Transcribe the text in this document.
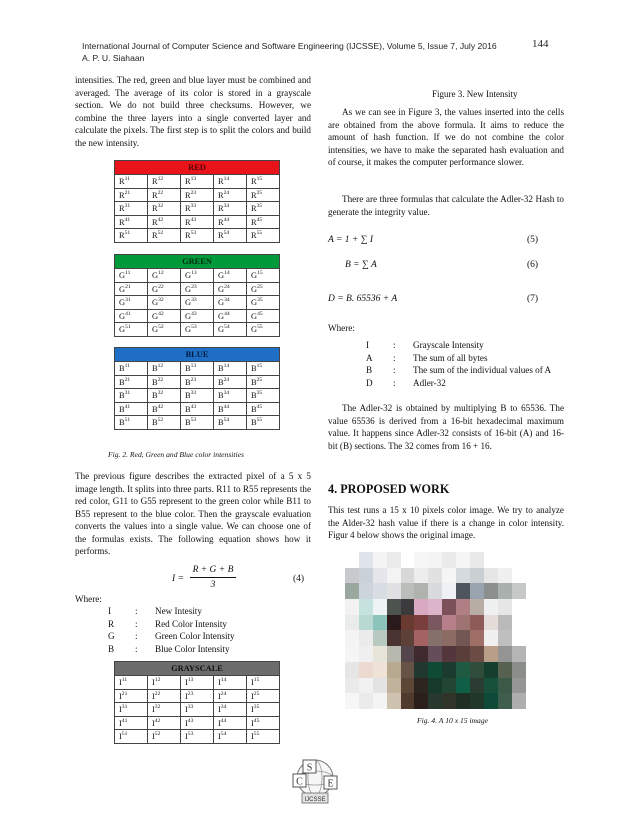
International Journal of Computer Science and Software Engineering (IJCSSE), Volume 5, Issue 7, July 2016
A. P. U. Siahaan
144

intensities. The red, green and blue layer must be combined and averaged. The average of its color is stored in a grayscale section. We do not build three checksums. However, we combine the three layers into a single converted layer and calculate the pixels. The first step is to split the colors and build the new intensity.

RED				
$R^{11}$	$R^{12}$	$R^{13}$	$R^{14}$	$R^{15}$
$R^{21}$	$R^{22}$	$R^{23}$	$R^{24}$	$R^{25}$
$R^{31}$	$R^{32}$	$R^{33}$	$R^{34}$	$R^{35}$
$R^{41}$	$R^{42}$	$R^{43}$	$R^{44}$	$R^{45}$
$R^{51}$	$R^{52}$	$R^{53}$	$R^{54}$	$R^{55}$
GREEN				
$G^{11}$	$G^{12}$	$G^{13}$	$G^{14}$	$G^{15}$
$G^{21}$	$G^{22}$	$G^{23}$	$G^{24}$	$G^{25}$
$G^{31}$	$G^{32}$	$G^{33}$	$G^{34}$	$G^{35}$
$G^{41}$	$G^{42}$	$G^{43}$	$G^{44}$	$G^{45}$
$G^{51}$	$G^{52}$	$G^{53}$	$G^{54}$	$G^{55}$
BLUE				
$B^{11}$	$B^{12}$	$B^{13}$	$B^{14}$	$B^{15}$
$B^{21}$	$B^{22}$	$B^{23}$	$B^{24}$	$B^{25}$
$B^{31}$	$B^{32}$	$B^{33}$	$B^{34}$	$B^{35}$
$B^{41}$	$B^{42}$	$B^{43}$	$B^{44}$	$B^{45}$
$B^{51}$	$B^{52}$	$B^{53}$	$B^{54}$	$B^{55}$
Fig. 2. Red, Green and Blue color intensities

The previous figure describes the extracted pixel of a 5 x 5 image length. It splits into three parts. R11 to R55 represents the red color, G11 to G55 represent to the green color while B11 to B55 represent to the blue color. Then the grayscale evaluation converts the values into a single value. We can choose one of the formulas exists. The following equation shows how it performs.

I =
R + G + B
3
(4)
Where:
I	:	New Intesity
R	:	Red Color Intensity
G	:	Green Color Intensity
B	:	Blue Color Intensity
GRAYSCALE				
$I^{11}$	$I^{12}$	$I^{13}$	$I^{14}$	$I^{15}$
$I^{21}$	$I^{22}$	$I^{23}$	$I^{24}$	$I^{25}$
$I^{31}$	$I^{32}$	$I^{33}$	$I^{34}$	$I^{35}$
$I^{41}$	$I^{42}$	$I^{43}$	$I^{44}$	$I^{45}$
$I^{51}$	$I^{52}$	$I^{53}$	$I^{54}$	$I^{55}$
Figure 3. New Intensity

As we can see in Figure 3, the values inserted into the cells are obtained from the above formula. It aims to reduce the amount of hash function. If we do not combine the color intensities, we have to make the separated hash evaluation and of course, it makes the computer performance slower.

There are three formulas that calculate the Adler-32 Hash to generate the integrity value.

A = 1 + ∑ I	(5)
B = ∑ A	(6)
D = B. 65536 + A	(7)
Where:
I	:	Grayscale Intensity
A	:	The sum of all bytes
B	:	The sum of the individual values of A
D	:	Adler-32

The Adler-32 is obtained by multiplying B to 65536. The value 65536 is derived from a 16-bit hexadecimal maximum value. It happens since Adler-32 consists of 16-bit (A) and 16-bit (B) sections. The 32 comes from 16 + 16.

4. PROPOSED WORK

This test runs a 15 x 10 pixels color image. We try to analyze the Alder-32 hash value if there is a change in color intensity. Figur 4 below shows the original image.

Fig. 4. A 10 x 15 image
S
C E
IJCSSE
